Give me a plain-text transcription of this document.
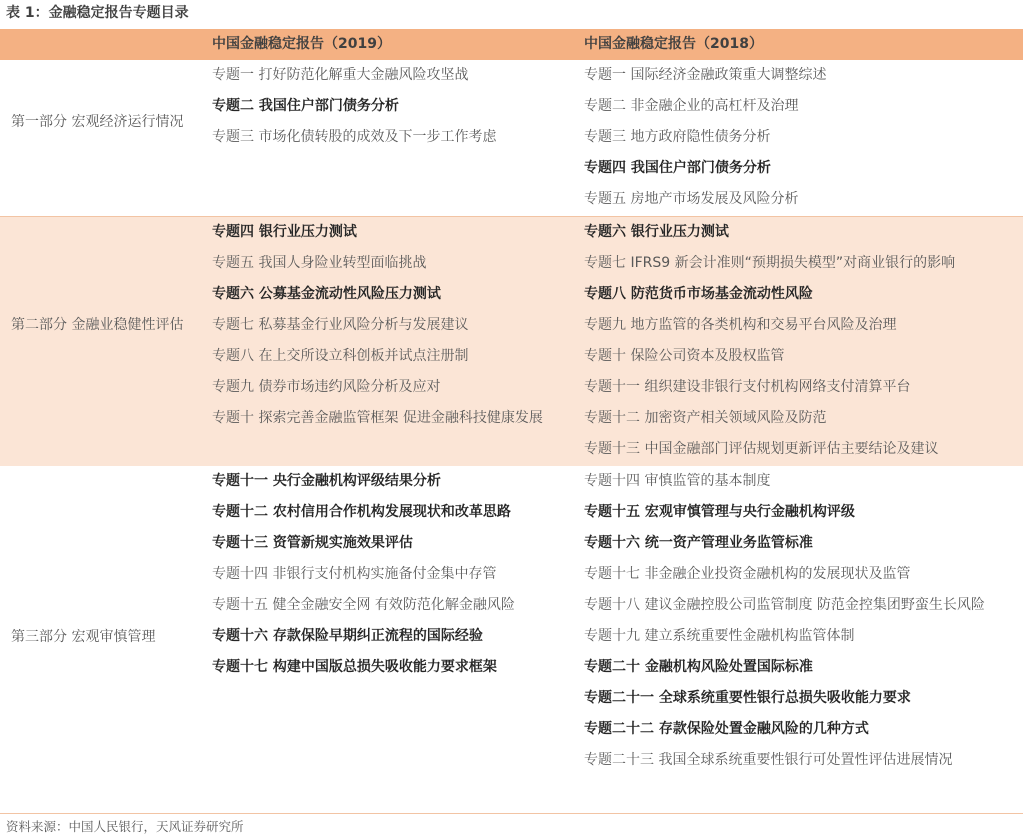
表 1：金融稳定报告专题目录
中国金融稳定报告（2019）	中国金融稳定报告（2018）
第一部分 宏观经济运行情况
专题一 打好防范化解重大金融风险攻坚战
专题二 我国住户部门债务分析
专题三 市场化债转股的成效及下一步工作考虑
专题一 国际经济金融政策重大调整综述
专题二 非金融企业的高杠杆及治理
专题三 地方政府隐性债务分析
专题四 我国住户部门债务分析
专题五 房地产市场发展及风险分析
第二部分 金融业稳健性评估
专题四 银行业压力测试
专题五 我国人身险业转型面临挑战
专题六 公募基金流动性风险压力测试
专题七 私募基金行业风险分析与发展建议
专题八 在上交所设立科创板并试点注册制
专题九 债券市场违约风险分析及应对
专题十 探索完善金融监管框架 促进金融科技健康发展
专题六 银行业压力测试
专题七 IFRS9 新会计准则“预期损失模型”对商业银行的影响
专题八 防范货币市场基金流动性风险
专题九 地方监管的各类机构和交易平台风险及治理
专题十 保险公司资本及股权监管
专题十一 组织建设非银行支付机构网络支付清算平台
专题十二 加密资产相关领域风险及防范
专题十三 中国金融部门评估规划更新评估主要结论及建议
第三部分 宏观审慎管理
专题十一 央行金融机构评级结果分析
专题十二 农村信用合作机构发展现状和改革思路
专题十三 资管新规实施效果评估
专题十四 非银行支付机构实施备付金集中存管
专题十五 健全金融安全网 有效防范化解金融风险
专题十六 存款保险早期纠正流程的国际经验
专题十七 构建中国版总损失吸收能力要求框架
专题十四 审慎监管的基本制度
专题十五 宏观审慎管理与央行金融机构评级
专题十六 统一资产管理业务监管标准
专题十七 非金融企业投资金融机构的发展现状及监管
专题十八 建议金融控股公司监管制度 防范金控集团野蛮生长风险
专题十九 建立系统重要性金融机构监管体制
专题二十 金融机构风险处置国际标准
专题二十一 全球系统重要性银行总损失吸收能力要求
专题二十二 存款保险处置金融风险的几种方式
专题二十三 我国全球系统重要性银行可处置性评估进展情况
资料来源：中国人民银行，天风证券研究所
